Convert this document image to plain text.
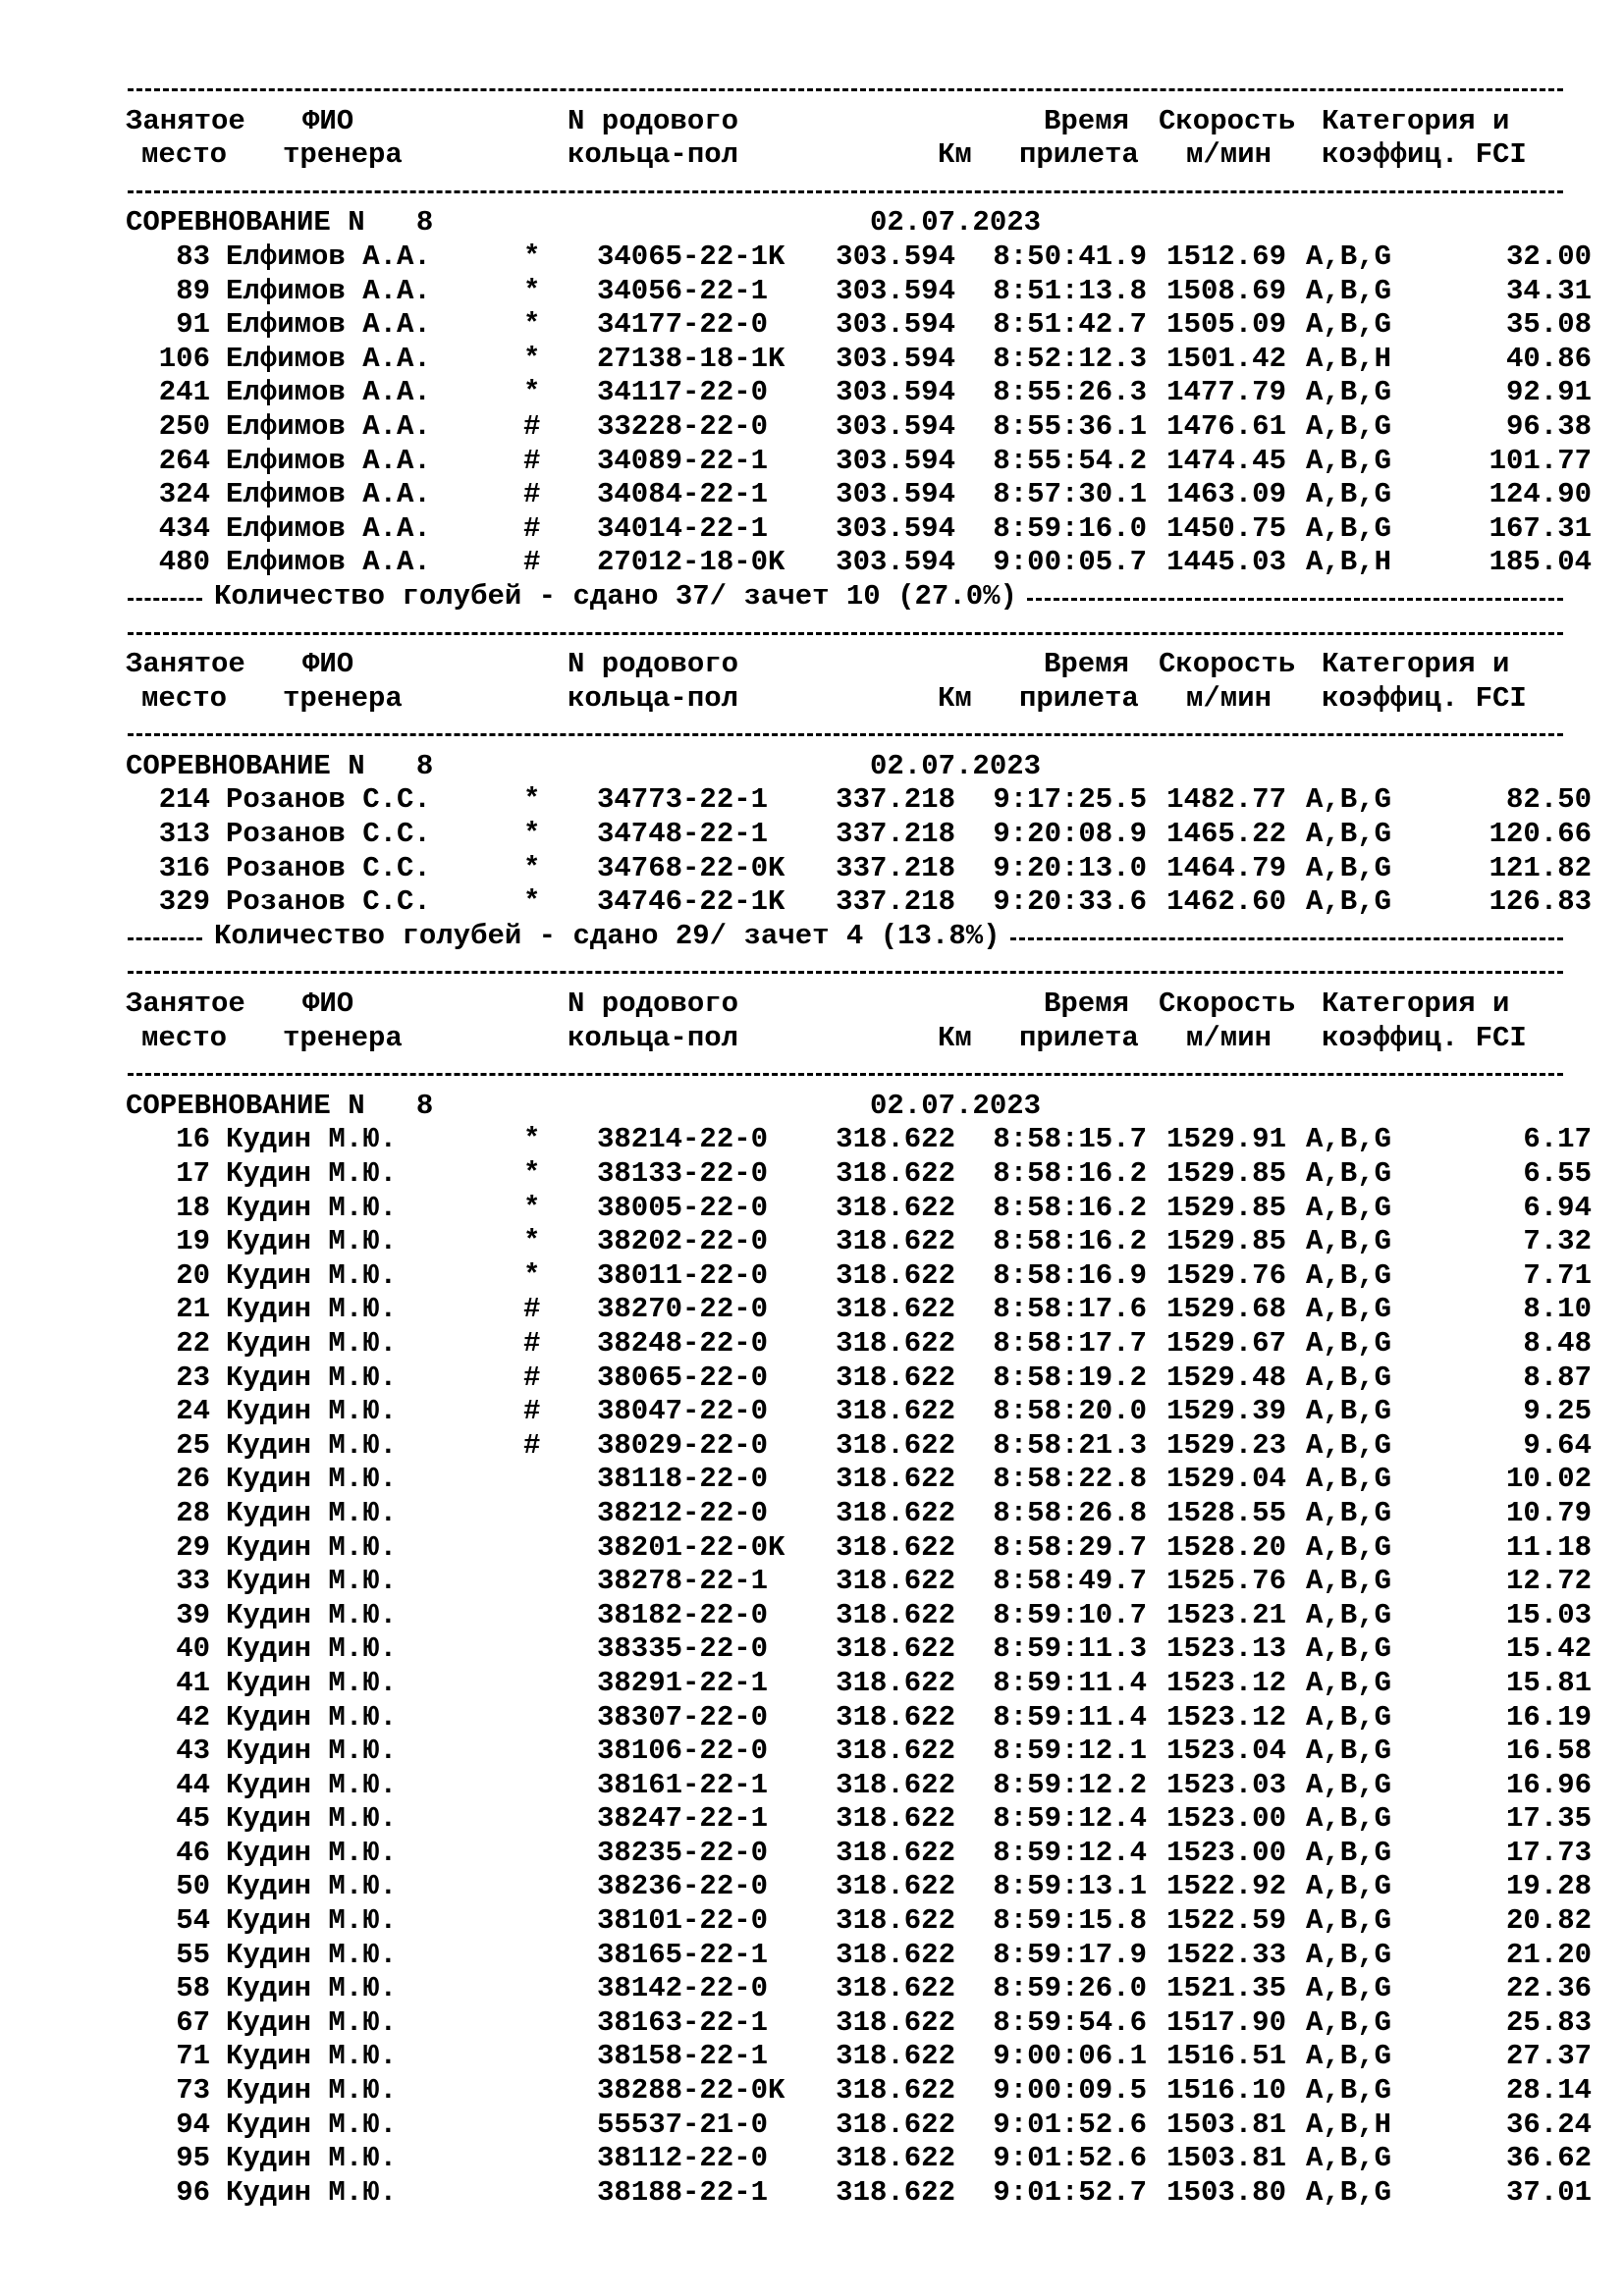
Занятое ФИО	N родового	Время Скорость Категория и
место тренера	кольца-пол	Км прилета м/мин коэффиц. FCI
СОРЕВНОВАНИЕ N   8	02.07.2023
83 Елфимов А.А.	* 34065-22-1K 303.594	8:50:41.9 1512.69 A,B,G	32.00
89 Елфимов А.А.	* 34056-22-1 303.594	8:51:13.8 1508.69 A,B,G	34.31
91 Елфимов А.А.	* 34177-22-0 303.594	8:51:42.7 1505.09 A,B,G	35.08
106 Елфимов А.А.	* 27138-18-1K 303.594	8:52:12.3 1501.42 A,B,H	40.86
241 Елфимов А.А.	* 34117-22-0 303.594	8:55:26.3 1477.79 A,B,G	92.91
250 Елфимов А.А.	# 33228-22-0 303.594	8:55:36.1 1476.61 A,B,G	96.38
264 Елфимов А.А.	# 34089-22-1 303.594	8:55:54.2 1474.45 A,B,G	101.77
324 Елфимов А.А.	# 34084-22-1 303.594	8:57:30.1 1463.09 A,B,G	124.90
434 Елфимов А.А.	# 34014-22-1 303.594	8:59:16.0 1450.75 A,B,G	167.31
480 Елфимов А.А.	# 27012-18-0K 303.594	9:00:05.7 1445.03 A,B,H	185.04
Количество голубей - сдано 37/ зачет 10 (27.0%)
Занятое ФИО	N родового	Время Скорость Категория и
место тренера	кольца-пол	Км прилета м/мин коэффиц. FCI
СОРЕВНОВАНИЕ N   8	02.07.2023
214 Розанов С.С.	* 34773-22-1 337.218	9:17:25.5 1482.77 A,B,G	82.50
313 Розанов С.С.	* 34748-22-1 337.218	9:20:08.9 1465.22 A,B,G	120.66
316 Розанов С.С.	* 34768-22-0K 337.218	9:20:13.0 1464.79 A,B,G	121.82
329 Розанов С.С.	* 34746-22-1K 337.218	9:20:33.6 1462.60 A,B,G	126.83
Количество голубей - сдано 29/ зачет 4 (13.8%)
Занятое ФИО	N родового	Время Скорость Категория и
место тренера	кольца-пол	Км прилета м/мин коэффиц. FCI
СОРЕВНОВАНИЕ N   8	02.07.2023
16 Кудин М.Ю.	* 38214-22-0 318.622	8:58:15.7 1529.91 A,B,G	6.17
17 Кудин М.Ю.	* 38133-22-0 318.622	8:58:16.2 1529.85 A,B,G	6.55
18 Кудин М.Ю.	* 38005-22-0 318.622	8:58:16.2 1529.85 A,B,G	6.94
19 Кудин М.Ю.	* 38202-22-0 318.622	8:58:16.2 1529.85 A,B,G	7.32
20 Кудин М.Ю.	* 38011-22-0 318.622	8:58:16.9 1529.76 A,B,G	7.71
21 Кудин М.Ю.	# 38270-22-0 318.622	8:58:17.6 1529.68 A,B,G	8.10
22 Кудин М.Ю.	# 38248-22-0 318.622	8:58:17.7 1529.67 A,B,G	8.48
23 Кудин М.Ю.	# 38065-22-0 318.622	8:58:19.2 1529.48 A,B,G	8.87
24 Кудин М.Ю.	# 38047-22-0 318.622	8:58:20.0 1529.39 A,B,G	9.25
25 Кудин М.Ю.	# 38029-22-0 318.622	8:58:21.3 1529.23 A,B,G	9.64
26 Кудин М.Ю.	38118-22-0 318.622	8:58:22.8 1529.04 A,B,G	10.02
28 Кудин М.Ю.	38212-22-0 318.622	8:58:26.8 1528.55 A,B,G	10.79
29 Кудин М.Ю.	38201-22-0K 318.622	8:58:29.7 1528.20 A,B,G	11.18
33 Кудин М.Ю.	38278-22-1 318.622	8:58:49.7 1525.76 A,B,G	12.72
39 Кудин М.Ю.	38182-22-0 318.622	8:59:10.7 1523.21 A,B,G	15.03
40 Кудин М.Ю.	38335-22-0 318.622	8:59:11.3 1523.13 A,B,G	15.42
41 Кудин М.Ю.	38291-22-1 318.622	8:59:11.4 1523.12 A,B,G	15.81
42 Кудин М.Ю.	38307-22-0 318.622	8:59:11.4 1523.12 A,B,G	16.19
43 Кудин М.Ю.	38106-22-0 318.622	8:59:12.1 1523.04 A,B,G	16.58
44 Кудин М.Ю.	38161-22-1 318.622	8:59:12.2 1523.03 A,B,G	16.96
45 Кудин М.Ю.	38247-22-1 318.622	8:59:12.4 1523.00 A,B,G	17.35
46 Кудин М.Ю.	38235-22-0 318.622	8:59:12.4 1523.00 A,B,G	17.73
50 Кудин М.Ю.	38236-22-0 318.622	8:59:13.1 1522.92 A,B,G	19.28
54 Кудин М.Ю.	38101-22-0 318.622	8:59:15.8 1522.59 A,B,G	20.82
55 Кудин М.Ю.	38165-22-1 318.622	8:59:17.9 1522.33 A,B,G	21.20
58 Кудин М.Ю.	38142-22-0 318.622	8:59:26.0 1521.35 A,B,G	22.36
67 Кудин М.Ю.	38163-22-1 318.622	8:59:54.6 1517.90 A,B,G	25.83
71 Кудин М.Ю.	38158-22-1 318.622	9:00:06.1 1516.51 A,B,G	27.37
73 Кудин М.Ю.	38288-22-0K 318.622	9:00:09.5 1516.10 A,B,G	28.14
94 Кудин М.Ю.	55537-21-0 318.622	9:01:52.6 1503.81 A,B,H	36.24
95 Кудин М.Ю.	38112-22-0 318.622	9:01:52.6 1503.81 A,B,G	36.62
96 Кудин М.Ю.	38188-22-1 318.622	9:01:52.7 1503.80 A,B,G	37.01
